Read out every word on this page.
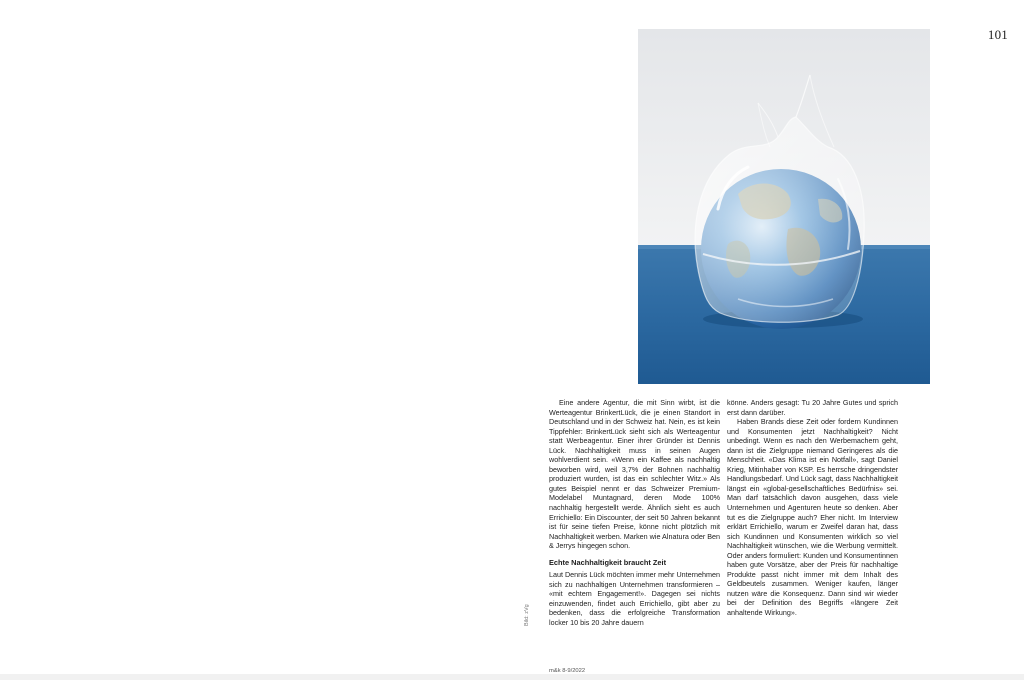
101

Eine andere Agentur, die mit Sinn wirbt, ist die Werteagentur BrinkertLück, die je einen Standort in Deutschland und in der Schweiz hat. Nein, es ist kein Tippfehler: BrinkertLück sieht sich als Werteagentur statt Werbeagentur. Einer ihrer Gründer ist Dennis Lück. Nachhaltigkeit muss in seinen Augen wohlverdient sein. «Wenn ein Kaffee als nachhaltig beworben wird, weil 3,7% der Bohnen nachhaltig produziert wurden, ist das ein schlechter Witz.» Als gutes Beispiel nennt er das Schweizer Premium-Modelabel Muntagnard, deren Mode 100% nachhaltig hergestellt werde. Ähnlich sieht es auch Errichiello: Ein Discounter, der seit 50 Jahren bekannt ist für seine tiefen Preise, könne nicht plötzlich mit Nachhaltigkeit werben. Marken wie Alnatura oder Ben & Jerrys hingegen schon.

Echte Nachhaltigkeit braucht Zeit

Laut Dennis Lück möchten immer mehr Unternehmen sich zu nachhaltigen Unternehmen transformieren – «mit echtem Engagement!». Dagegen sei nichts einzuwenden, findet auch Errichiello, gibt aber zu bedenken, dass die erfolgreiche Transformation locker 10 bis 20 Jahre dauern

könne. Anders gesagt: Tu 20 Jahre Gutes und sprich erst dann darüber.

Haben Brands diese Zeit oder fordern Kundinnen und Konsumenten jetzt Nachhaltigkeit? Nicht unbedingt. Wenn es nach den Werbemachern geht, dann ist die Zielgruppe niemand Geringeres als die Menschheit. «Das Klima ist ein Notfall», sagt Daniel Krieg, Mitinhaber von KSP. Es herrsche dringendster Handlungsbedarf. Und Lück sagt, dass Nachhaltigkeit längst ein «global-gesellschaftliches Bedürfnis» sei. Man darf tatsächlich davon ausgehen, dass viele Unternehmen und Agenturen heute so denken. Aber tut es die Zielgruppe auch? Eher nicht. Im Interview erklärt Errichiello, warum er Zweifel daran hat, dass sich Kundinnen und Konsumenten wirklich so viel Nachhaltigkeit wünschen, wie die Werbung vermittelt. Oder anders formuliert: Kunden und Konsumentinnen haben gute Vorsätze, aber der Preis für nachhaltige Produkte passt nicht immer mit dem Inhalt des Geldbeutels zusammen. Weniger kaufen, länger nutzen wäre die Konsequenz. Dann sind wir wieder bei der Definition des Begriffs «längere Zeit anhaltende Wirkung».

Bild: zVg
m&k 8-9/2022
